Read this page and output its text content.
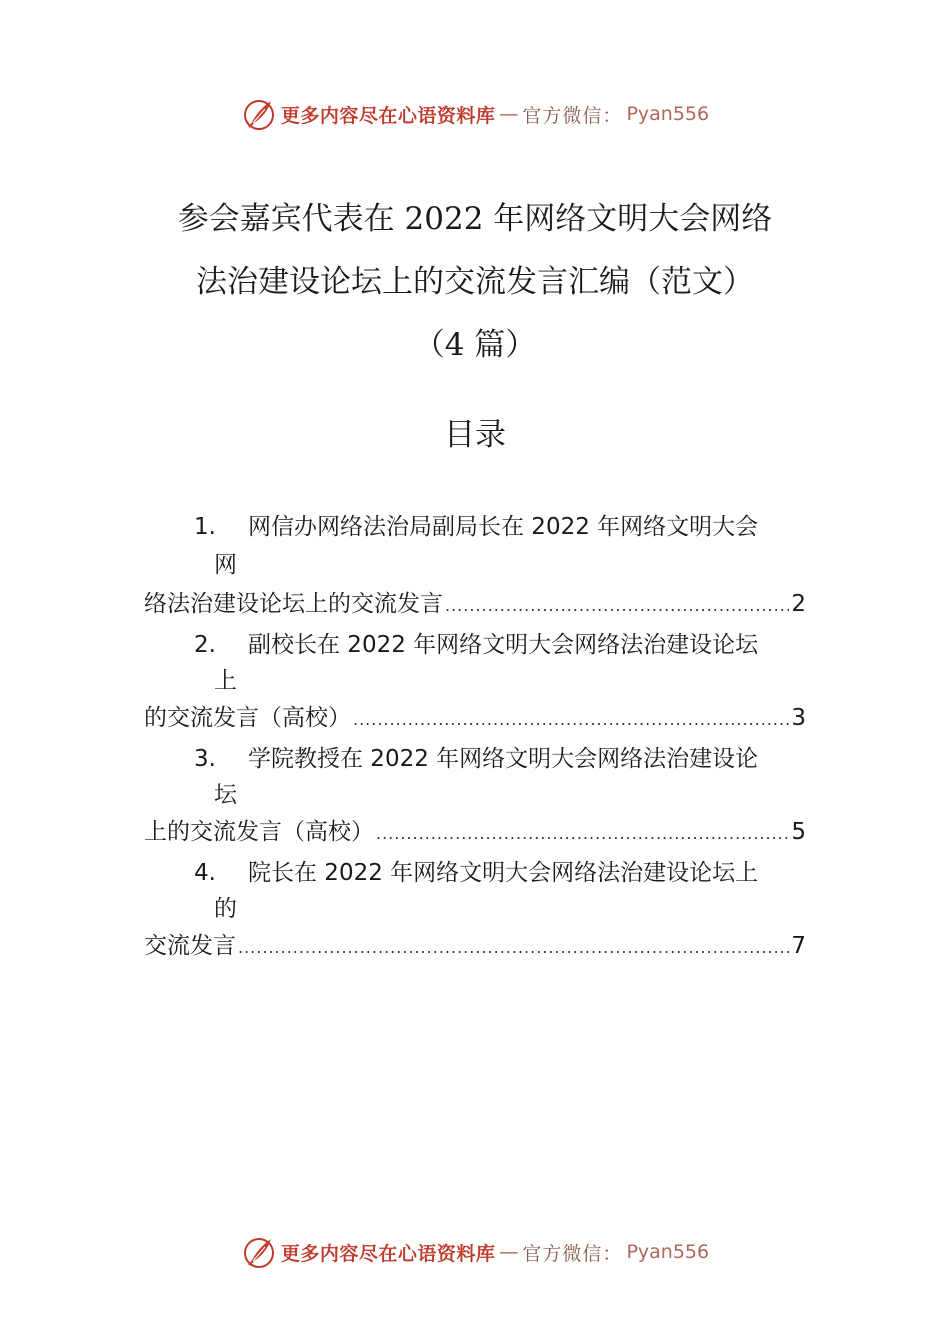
更多内容尽在心语资料库 — 官方微信： Pyan556
参会嘉宾代表在 2022 年网络文明大会网络
法治建设论坛上的交流发言汇编（范文）
（4 篇）
目录
1. 网信办网络法治局副局长在 2022 年网络文明大会
网
络法治建设论坛上的交流发言 .....	2
2. 副校长在 2022 年网络文明大会网络法治建设论坛
上
的交流发言（高校） .....	3
3. 学院教授在 2022 年网络文明大会网络法治建设论
坛
上的交流发言（高校） .....	5
4. 院长在 2022 年网络文明大会网络法治建设论坛上
的
交流发言 .....	7
更多内容尽在心语资料库 — 官方微信： Pyan556
